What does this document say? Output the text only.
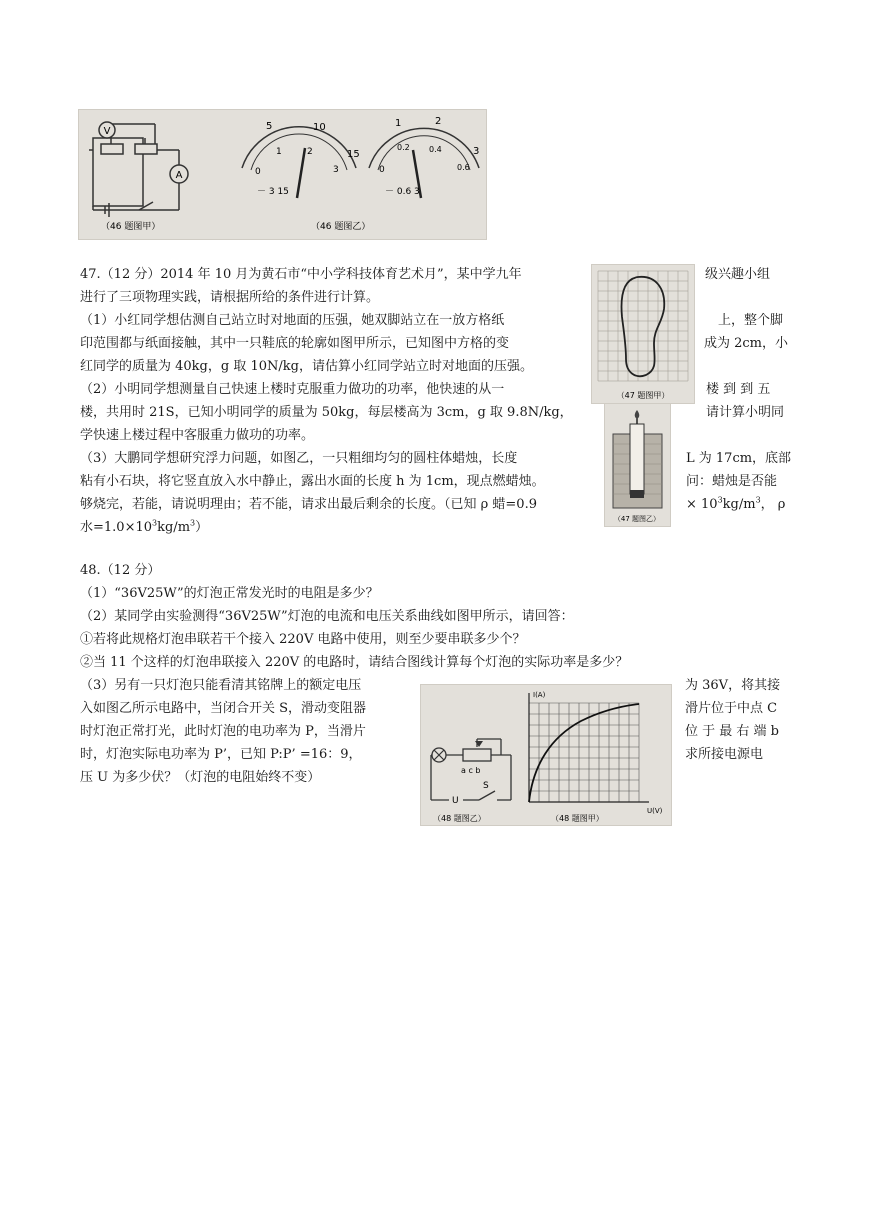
V
A
5	10
15
0
1	2
3
－ 3 15
1	2
3
0
0.2 0.4
0.6
－ 0.6 3
（46 题图甲）	（46 题图乙）
47.（12 分）2014 年 10 月为黄石市“中小学科技体育艺术月”，某中学九年	级兴趣小组
进行了三项物理实践，请根据所给的条件进行计算。
（1）小红同学想估测自己站立时对地面的压强，她双脚站立在一放方格纸	上，整个脚
印范围都与纸面接触，其中一只鞋底的轮廓如图甲所示，已知图中方格的变	成为 2cm，小
红同学的质量为 40kg，g 取 10N/kg，请估算小红同学站立时对地面的压强。
（2）小明同学想测量自己快速上楼时克服重力做功的功率，他快速的从一	楼 到 到 五
楼，共用时 21S，已知小明同学的质量为 50kg，每层楼高为 3cm，g 取 9.8N/kg，	请计算小明同
学快速上楼过程中客服重力做功的功率。
（3）大鹏同学想研究浮力问题，如图乙，一只粗细均匀的圆柱体蜡烛，长度	L 为 17cm，底部
粘有小石块，将它竖直放入水中静止，露出水面的长度 h 为 1cm，现点燃蜡烛。	问：蜡烛是否能
够烧完，若能，请说明理由；若不能，请求出最后剩余的长度。（已知 ρ 蜡=0.9	× $10^3kg/m^3$， ρ
水$=1.0\times 10^3kg/m^3$）
（47 题图甲）
（47 题图乙）
48.（12 分）
（1）“36V25W”的灯泡正常发光时的电阻是多少？
（2）某同学由实验测得“36V25W”灯泡的电流和电压关系曲线如图甲所示，请回答：
①若将此规格灯泡串联若干个接入 220V 电路中使用，则至少要串联多少个？
②当 11 个这样的灯泡串联接入 220V 的电路时，请结合图线计算每个灯泡的实际功率是多少？
（3）另有一只灯泡只能看清其铭牌上的额定电压	为 36V，将其接
入如图乙所示电路中，当闭合开关 S，滑动变阻器	滑片位于中点 C
时灯泡正常打光，此时灯泡的电功率为 P，当滑片	位 于 最 右 端 b
时，灯泡实际电功率为 P’，已知 P:P’ =16：9，	求所接电源电
压 U 为多少伏？（灯泡的电阻始终不变）	a c b
U
S
I(A)
U(V)
（48 题图乙）	（48 题图甲）
